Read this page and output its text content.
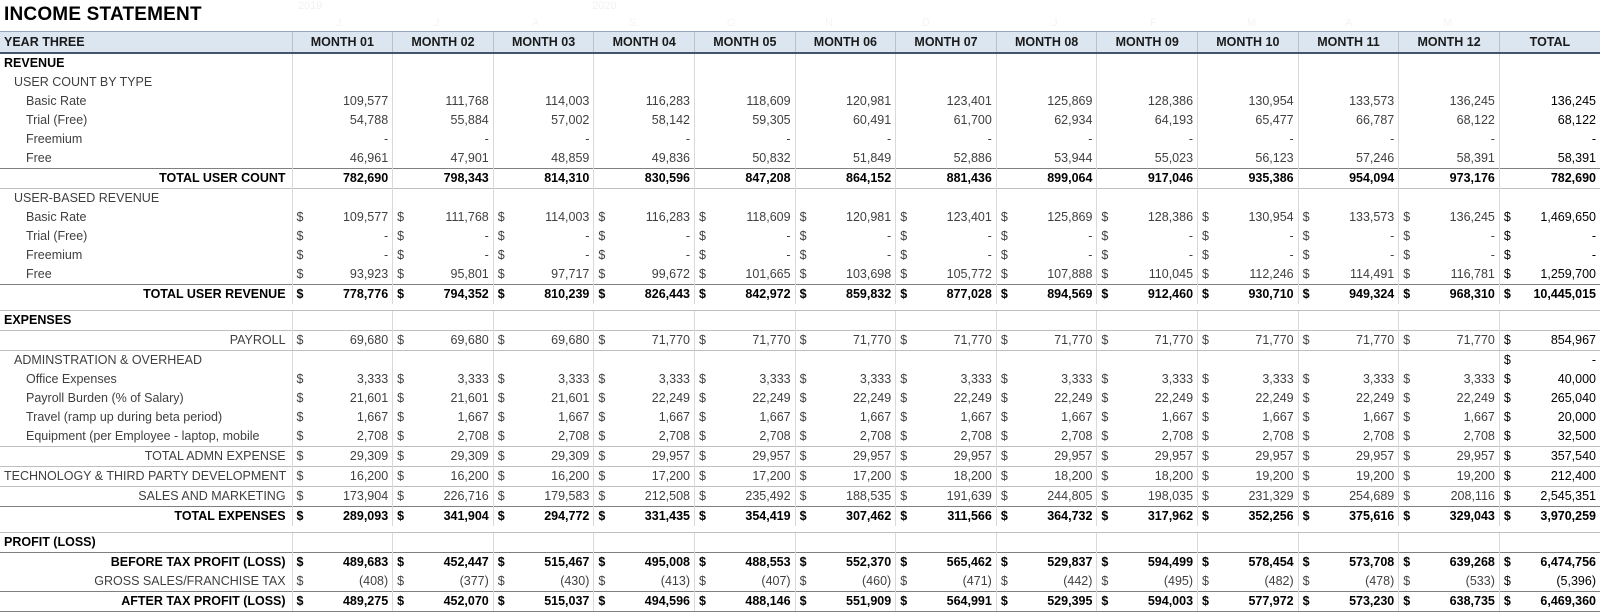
2019	2020
J	J	A	S	O	N	D	J	F	M	A	M
INCOME STATEMENT
YEAR THREE	MONTH 01	MONTH 02	MONTH 03	MONTH 04	MONTH 05	MONTH 06	MONTH 07	MONTH 08	MONTH 09	MONTH 10	MONTH 11	MONTH 12	TOTAL
REVENUE													
USER COUNT BY TYPE													
Basic Rate	109,577	111,768	114,003	116,283	118,609	120,981	123,401	125,869	128,386	130,954	133,573	136,245	136,245
Trial (Free)	54,788	55,884	57,002	58,142	59,305	60,491	61,700	62,934	64,193	65,477	66,787	68,122	68,122
Freemium	-	-	-	-	-	-	-	-	-	-	-	-	-
Free	46,961	47,901	48,859	49,836	50,832	51,849	52,886	53,944	55,023	56,123	57,246	58,391	58,391
TOTAL USER COUNT	782,690	798,343	814,310	830,596	847,208	864,152	881,436	899,064	917,046	935,386	954,094	973,176	782,690
USER-BASED REVENUE													
Basic Rate	$ 109,577	$ 111,768	$ 114,003	$ 116,283	$ 118,609	$ 120,981	$ 123,401	$ 125,869	$ 128,386	$ 130,954	$ 133,573	$ 136,245	$ 1,469,650
Trial (Free)	$ -	$ -	$ -	$ -	$ -	$ -	$ -	$ -	$ -	$ -	$ -	$ -	$ -
Freemium	$ -	$ -	$ -	$ -	$ -	$ -	$ -	$ -	$ -	$ -	$ -	$ -	$ -
Free	$ 93,923	$ 95,801	$ 97,717	$ 99,672	$ 101,665	$ 103,698	$ 105,772	$ 107,888	$ 110,045	$ 112,246	$ 114,491	$ 116,781	$ 1,259,700
TOTAL USER REVENUE	$ 778,776	$ 794,352	$ 810,239	$ 826,443	$ 842,972	$ 859,832	$ 877,028	$ 894,569	$ 912,460	$ 930,710	$ 949,324	$ 968,310	$ 10,445,015

EXPENSES													
PAYROLL	$ 69,680	$ 69,680	$ 69,680	$ 71,770	$ 71,770	$ 71,770	$ 71,770	$ 71,770	$ 71,770	$ 71,770	$ 71,770	$ 71,770	$ 854,967
ADMINSTRATION & OVERHEAD													$ -
Office Expenses	$ 3,333	$ 3,333	$ 3,333	$ 3,333	$ 3,333	$ 3,333	$ 3,333	$ 3,333	$ 3,333	$ 3,333	$ 3,333	$ 3,333	$ 40,000
Payroll Burden (% of Salary)	$ 21,601	$ 21,601	$ 21,601	$ 22,249	$ 22,249	$ 22,249	$ 22,249	$ 22,249	$ 22,249	$ 22,249	$ 22,249	$ 22,249	$ 265,040
Travel (ramp up during beta period)	$ 1,667	$ 1,667	$ 1,667	$ 1,667	$ 1,667	$ 1,667	$ 1,667	$ 1,667	$ 1,667	$ 1,667	$ 1,667	$ 1,667	$ 20,000
Equipment (per Employee - laptop, mobile	$ 2,708	$ 2,708	$ 2,708	$ 2,708	$ 2,708	$ 2,708	$ 2,708	$ 2,708	$ 2,708	$ 2,708	$ 2,708	$ 2,708	$ 32,500
TOTAL ADMN EXPENSE	$ 29,309	$ 29,309	$ 29,309	$ 29,957	$ 29,957	$ 29,957	$ 29,957	$ 29,957	$ 29,957	$ 29,957	$ 29,957	$ 29,957	$ 357,540
TECHNOLOGY & THIRD PARTY DEVELOPMENT	$ 16,200	$ 16,200	$ 16,200	$ 17,200	$ 17,200	$ 17,200	$ 18,200	$ 18,200	$ 18,200	$ 19,200	$ 19,200	$ 19,200	$ 212,400
SALES AND MARKETING	$ 173,904	$ 226,716	$ 179,583	$ 212,508	$ 235,492	$ 188,535	$ 191,639	$ 244,805	$ 198,035	$ 231,329	$ 254,689	$ 208,116	$ 2,545,351
TOTAL EXPENSES	$ 289,093	$ 341,904	$ 294,772	$ 331,435	$ 354,419	$ 307,462	$ 311,566	$ 364,732	$ 317,962	$ 352,256	$ 375,616	$ 329,043	$ 3,970,259

PROFIT (LOSS)													
BEFORE TAX PROFIT (LOSS)	$ 489,683	$ 452,447	$ 515,467	$ 495,008	$ 488,553	$ 552,370	$ 565,462	$ 529,837	$ 594,499	$ 578,454	$ 573,708	$ 639,268	$ 6,474,756
GROSS SALES/FRANCHISE TAX	$ (408)	$ (377)	$ (430)	$ (413)	$ (407)	$ (460)	$ (471)	$ (442)	$ (495)	$ (482)	$ (478)	$ (533)	$ (5,396)
AFTER TAX PROFIT (LOSS)	$ 489,275	$ 452,070	$ 515,037	$ 494,596	$ 488,146	$ 551,909	$ 564,991	$ 529,395	$ 594,003	$ 577,972	$ 573,230	$ 638,735	$ 6,469,360
